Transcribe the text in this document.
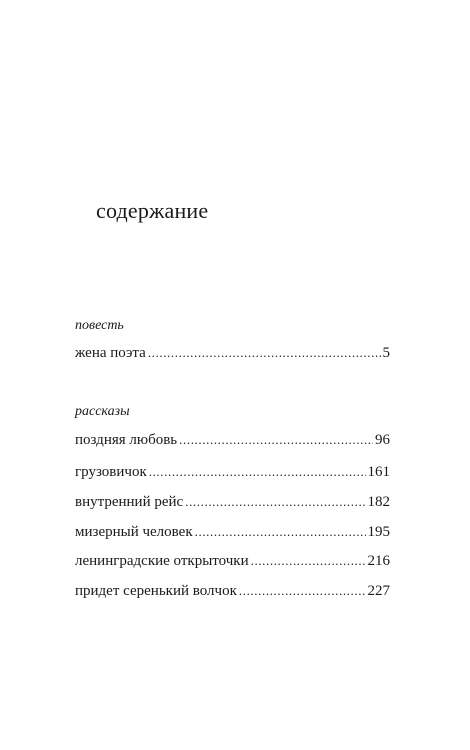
содержание
повесть
жена поэта .....	5
рассказы
поздняя любовь .....	96
грузовичок .....	161
внутренний рейс .....	182
мизерный человек .....	195
ленинградские открыточки .....	216
придет серенький волчок .....	227
